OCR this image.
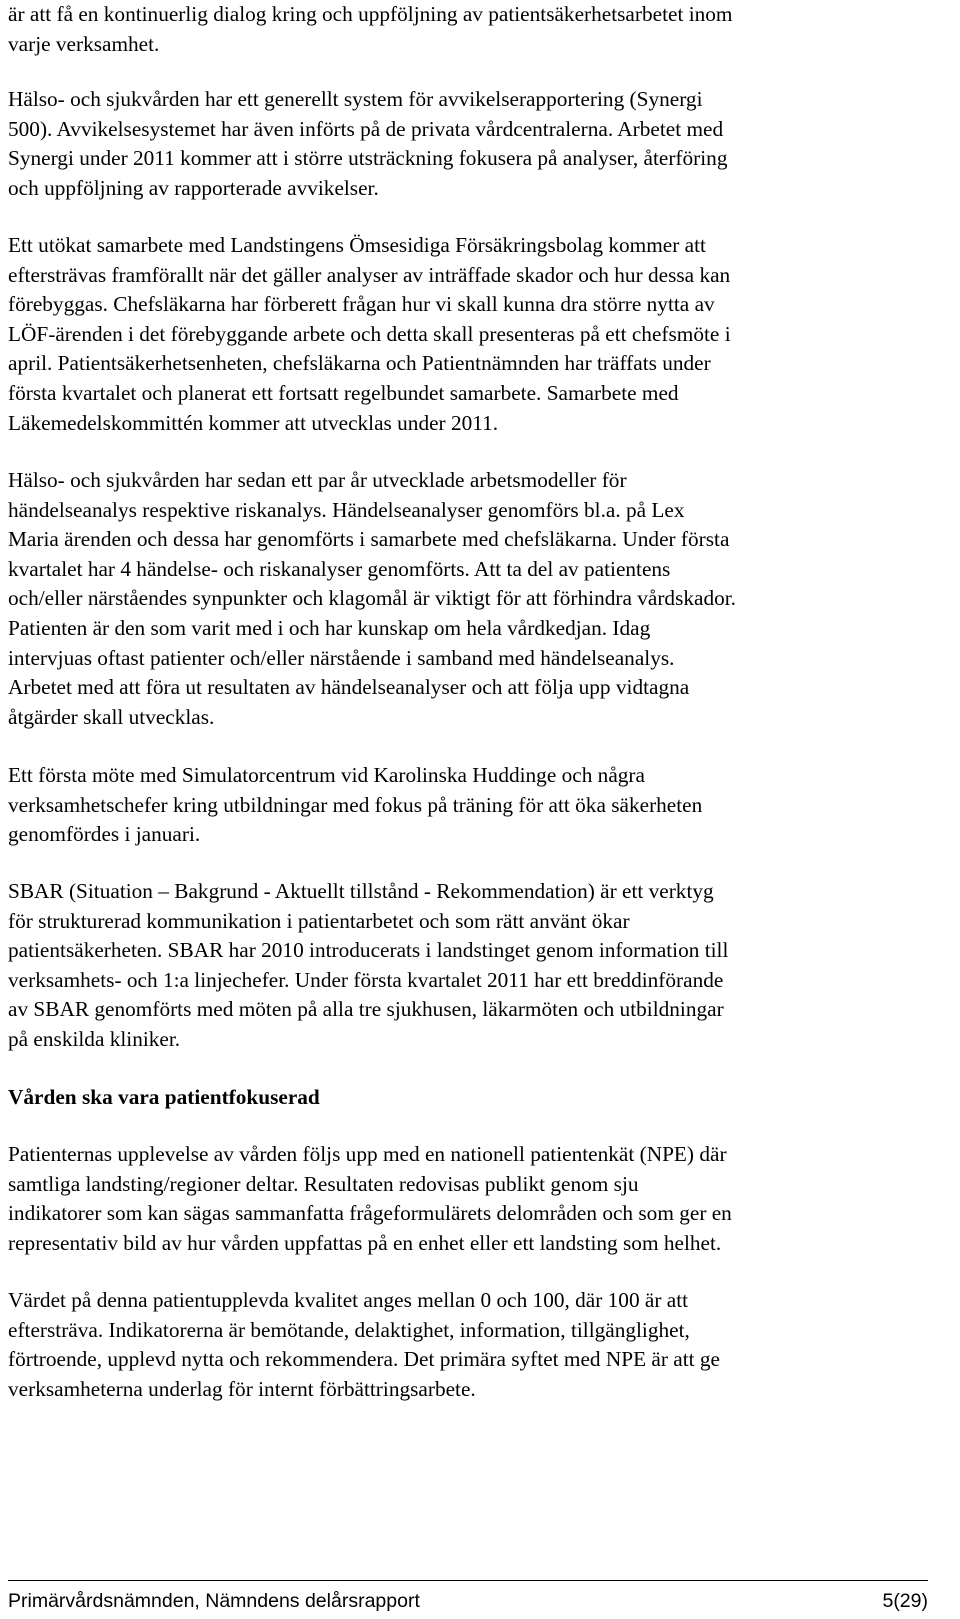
är att få en kontinuerlig dialog kring och uppföljning av patientsäkerhetsarbetet inom
varje verksamhet.

Hälso- och sjukvården har ett generellt system för avvikelserapportering (Synergi
500). Avvikelsesystemet har även införts på de privata vårdcentralerna. Arbetet med
Synergi under 2011 kommer att i större utsträckning fokusera på analyser, återföring
och uppföljning av rapporterade avvikelser.

Ett utökat samarbete med Landstingens Ömsesidiga Försäkringsbolag kommer att
eftersträvas framförallt när det gäller analyser av inträffade skador och hur dessa kan
förebyggas. Chefsläkarna har förberett frågan hur vi skall kunna dra större nytta av
LÖF-ärenden i det förebyggande arbete och detta skall presenteras på ett chefsmöte i
april. Patientsäkerhetsenheten, chefsläkarna och Patientnämnden har träffats under
första kvartalet och planerat ett fortsatt regelbundet samarbete. Samarbete med
Läkemedelskommittén kommer att utvecklas under 2011.

Hälso- och sjukvården har sedan ett par år utvecklade arbetsmodeller för
händelseanalys respektive riskanalys. Händelseanalyser genomförs bl.a. på Lex
Maria ärenden och dessa har genomförts i samarbete med chefsläkarna. Under första
kvartalet har 4 händelse- och riskanalyser genomförts. Att ta del av patientens
och/eller närståendes synpunkter och klagomål är viktigt för att förhindra vårdskador.
Patienten är den som varit med i och har kunskap om hela vårdkedjan. Idag
intervjuas oftast patienter och/eller närstående i samband med händelseanalys.
Arbetet med att föra ut resultaten av händelseanalyser och att följa upp vidtagna
åtgärder skall utvecklas.

Ett första möte med Simulatorcentrum vid Karolinska Huddinge och några
verksamhetschefer kring utbildningar med fokus på träning för att öka säkerheten
genomfördes i januari.

SBAR (Situation – Bakgrund - Aktuellt tillstånd - Rekommendation) är ett verktyg
för strukturerad kommunikation i patientarbetet och som rätt använt ökar
patientsäkerheten. SBAR har 2010 introducerats i landstinget genom information till
verksamhets- och 1:a linjechefer. Under första kvartalet 2011 har ett breddinförande
av SBAR genomförts med möten på alla tre sjukhusen, läkarmöten och utbildningar
på enskilda kliniker.

Vården ska vara patientfokuserad

Patienternas upplevelse av vården följs upp med en nationell patientenkät (NPE) där
samtliga landsting/regioner deltar. Resultaten redovisas publikt genom sju
indikatorer som kan sägas sammanfatta frågeformulärets delområden och som ger en
representativ bild av hur vården uppfattas på en enhet eller ett landsting som helhet.

Värdet på denna patientupplevda kvalitet anges mellan 0 och 100, där 100 är att
eftersträva. Indikatorerna är bemötande, delaktighet, information, tillgänglighet,
förtroende, upplevd nytta och rekommendera. Det primära syftet med NPE är att ge
verksamheterna underlag för internt förbättringsarbete.

Primärvårdsnämnden, Nämndens delårsrapport	5(29)
